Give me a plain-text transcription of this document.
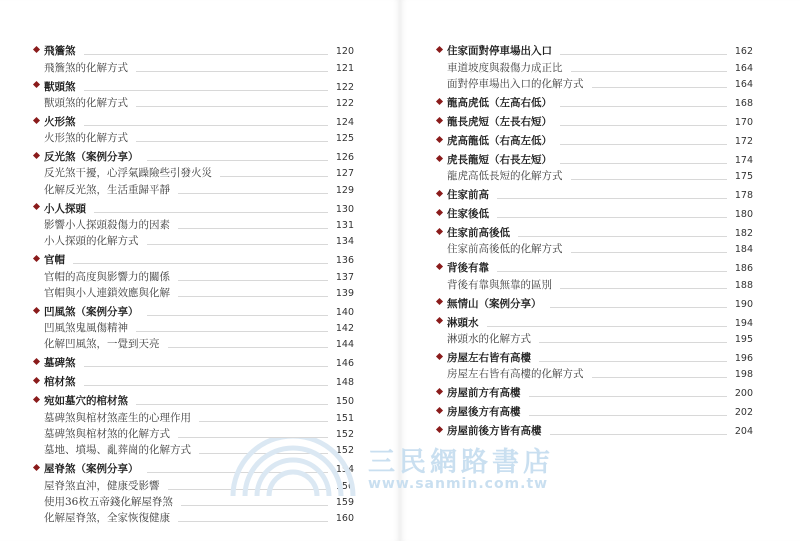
飛簷煞	120
飛簷煞的化解方式	121
獸頭煞	122
獸頭煞的化解方式	122
火形煞	124
火形煞的化解方式	125
反光煞（案例分享）	126
反光煞干擾，心浮氣躁險些引發火災	127
化解反光煞，生活重歸平靜	129
小人探頭	130
影響小人探頭殺傷力的因素	131
小人探頭的化解方式	134
官帽	136
官帽的高度與影響力的關係	137
官帽與小人連鎖效應與化解	139
凹風煞（案例分享）	140
凹風煞鬼風傷精神	142
化解凹風煞，一覺到天亮	144
墓碑煞	146
棺材煞	148
宛如墓穴的棺材煞	150
墓碑煞與棺材煞產生的心理作用	151
墓碑煞與棺材煞的化解方式	152
墓地、墳場、亂葬崗的化解方式	152
屋脊煞（案例分享）	154
屋脊煞直沖，健康受影響	156
使用36枚五帝錢化解屋脊煞	159
化解屋脊煞，全家恢復健康	160
住家面對停車場出入口	162
車道坡度與殺傷力成正比	164
面對停車場出入口的化解方式	164
龍高虎低（左高右低）	168
龍長虎短（左長右短）	170
虎高龍低（右高左低）	172
虎長龍短（右長左短）	174
龍虎高低長短的化解方式	175
住家前高	178
住家後低	180
住家前高後低	182
住家前高後低的化解方式	184
背後有靠	186
背後有靠與無靠的區別	188
無情山（案例分享）	190
淋頭水	194
淋頭水的化解方式	195
房屋左右皆有高樓	196
房屋左右皆有高樓的化解方式	198
房屋前方有高樓	200
房屋後方有高樓	202
房屋前後方皆有高樓	204
三民網路書店
www.sanmin.com.tw
